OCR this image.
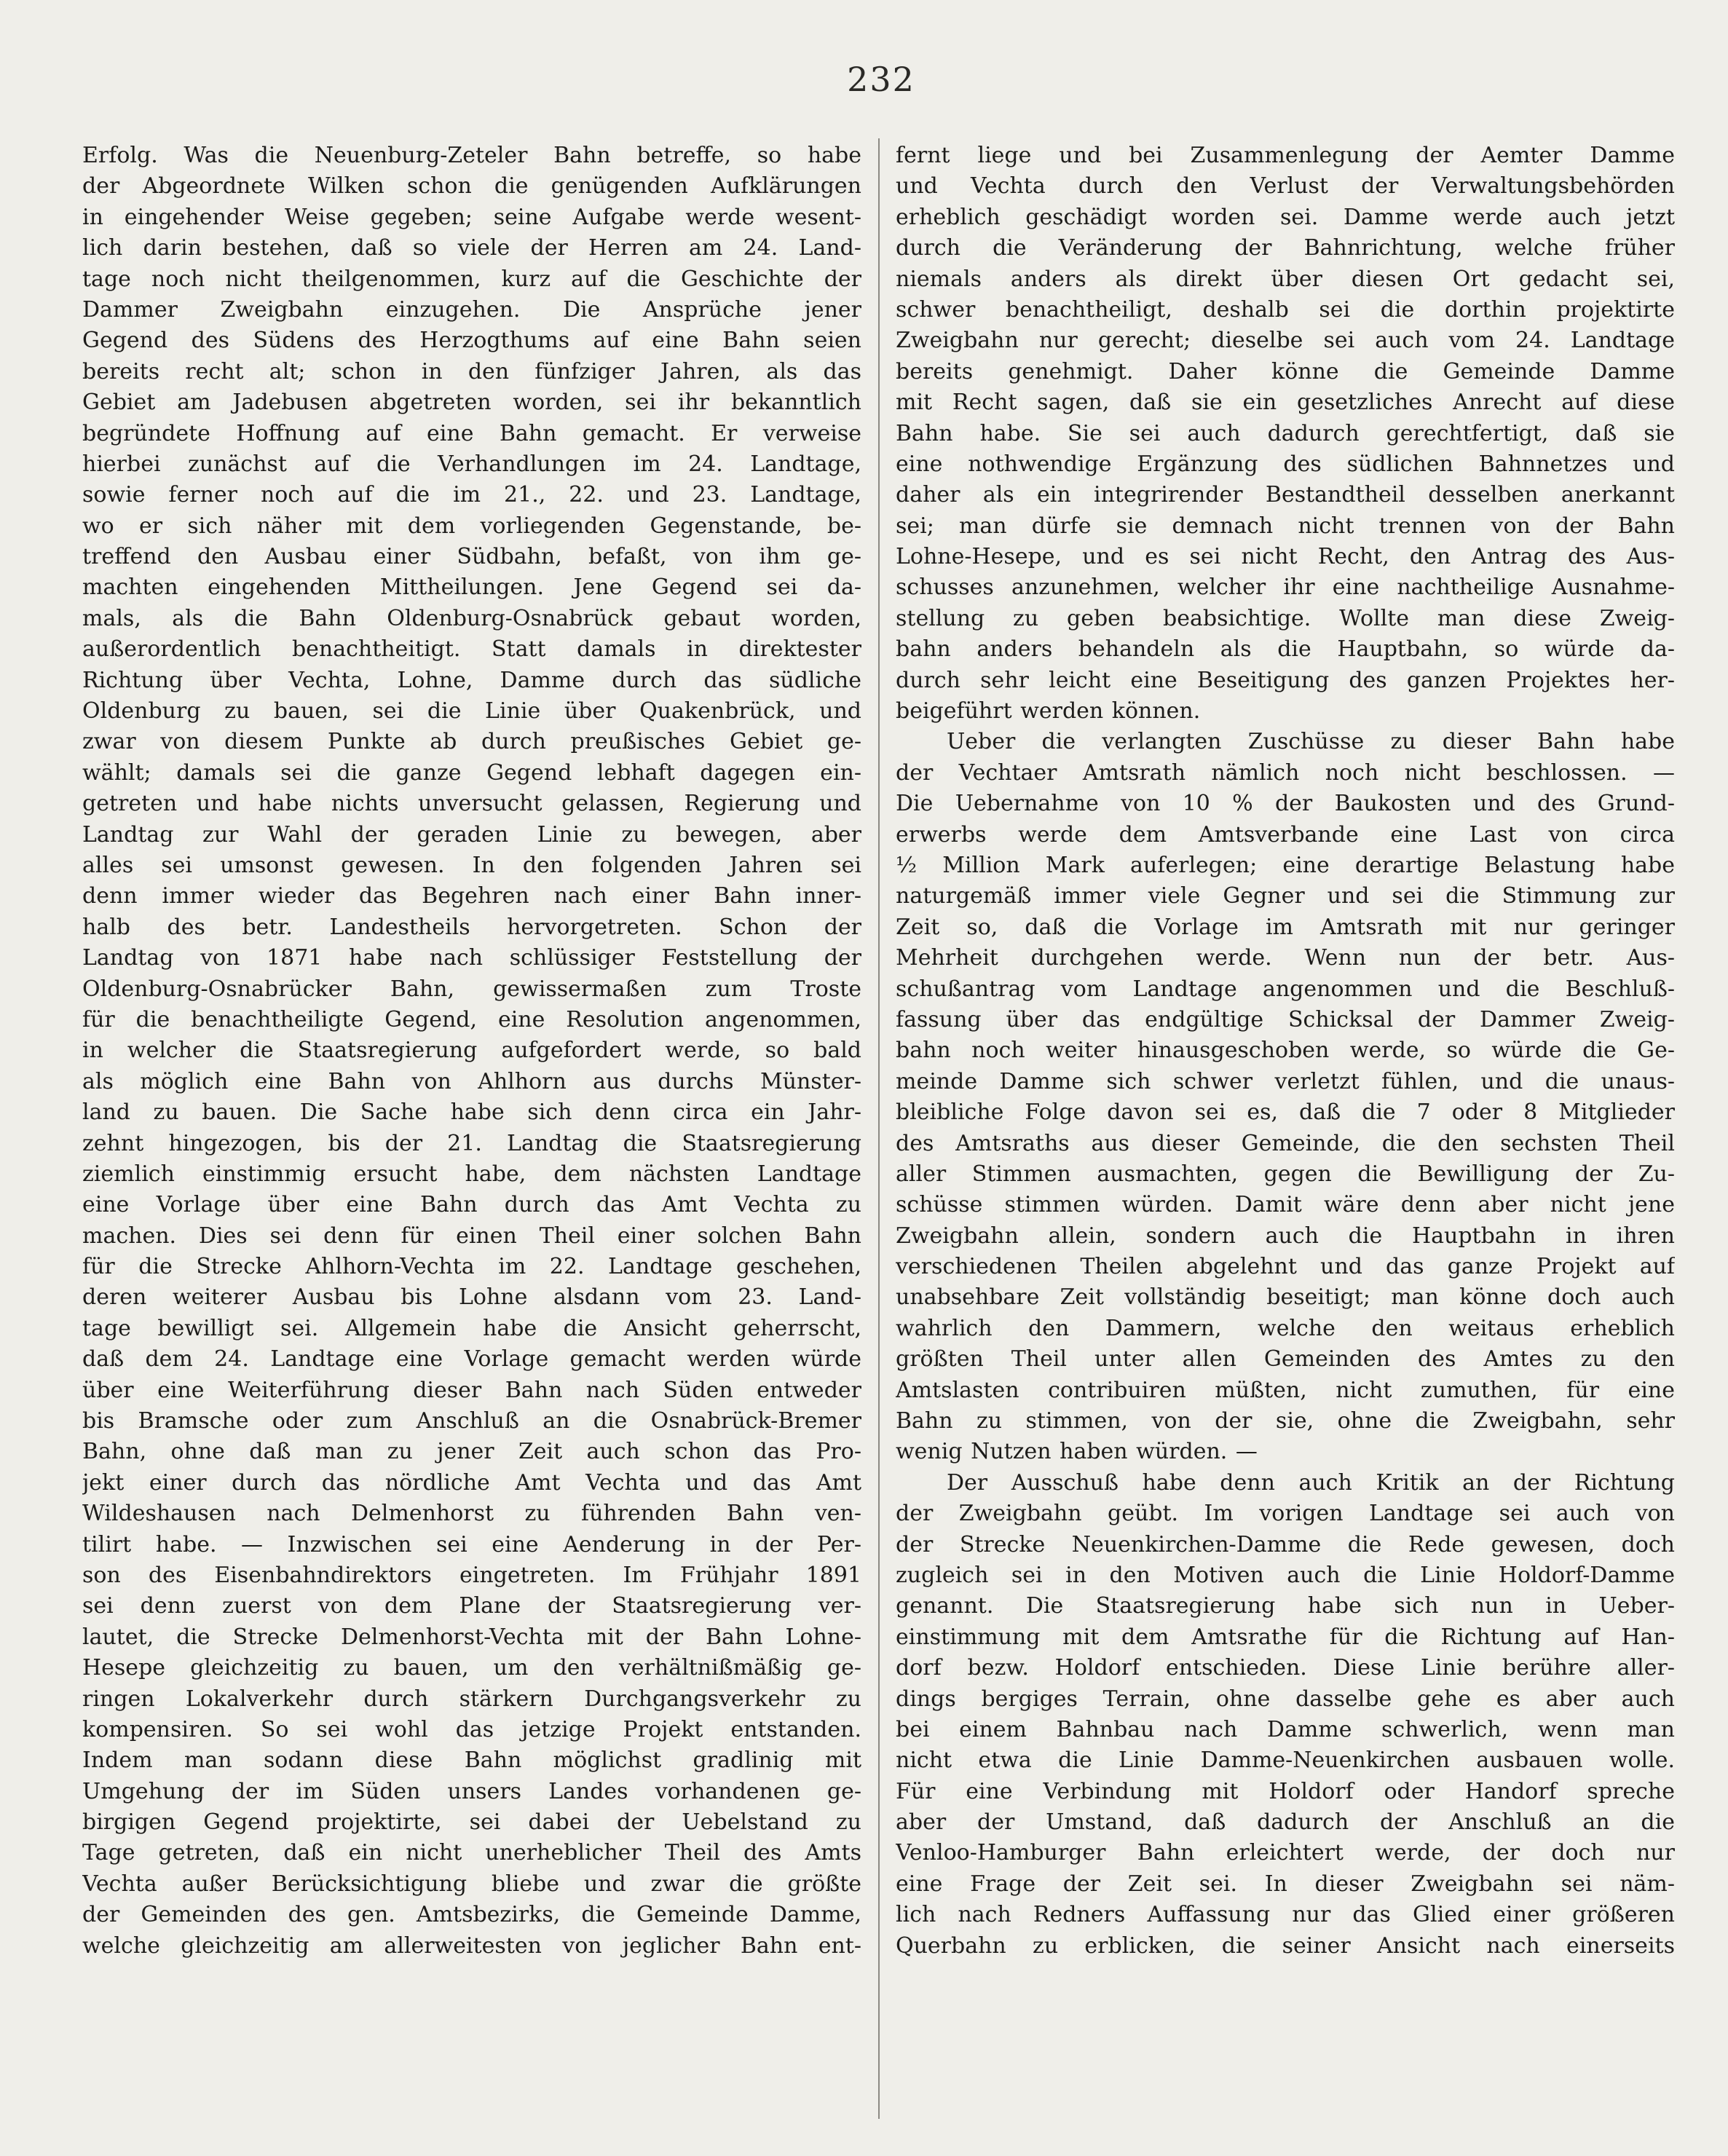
232
Erfolg. Was die Neuenburg-Zeteler Bahn betreffe, so habe
der Abgeordnete Wilken schon die genügenden Aufklärungen
in eingehender Weise gegeben; seine Aufgabe werde wesent-
lich darin bestehen, daß so viele der Herren am 24. Land-
tage noch nicht theilgenommen, kurz auf die Geschichte der
Dammer Zweigbahn einzugehen. Die Ansprüche jener
Gegend des Südens des Herzogthums auf eine Bahn seien
bereits recht alt; schon in den fünfziger Jahren, als das
Gebiet am Jadebusen abgetreten worden, sei ihr bekanntlich
begründete Hoffnung auf eine Bahn gemacht. Er verweise
hierbei zunächst auf die Verhandlungen im 24. Landtage,
sowie ferner noch auf die im 21., 22. und 23. Landtage,
wo er sich näher mit dem vorliegenden Gegenstande, be-
treffend den Ausbau einer Südbahn, befaßt, von ihm ge-
machten eingehenden Mittheilungen. Jene Gegend sei da-
mals, als die Bahn Oldenburg-Osnabrück gebaut worden,
außerordentlich benachtheitigt. Statt damals in direktester
Richtung über Vechta, Lohne, Damme durch das südliche
Oldenburg zu bauen, sei die Linie über Quakenbrück, und
zwar von diesem Punkte ab durch preußisches Gebiet ge-
wählt; damals sei die ganze Gegend lebhaft dagegen ein-
getreten und habe nichts unversucht gelassen, Regierung und
Landtag zur Wahl der geraden Linie zu bewegen, aber
alles sei umsonst gewesen. In den folgenden Jahren sei
denn immer wieder das Begehren nach einer Bahn inner-
halb des betr. Landestheils hervorgetreten. Schon der
Landtag von 1871 habe nach schlüssiger Feststellung der
Oldenburg-Osnabrücker Bahn, gewissermaßen zum Troste
für die benachtheiligte Gegend, eine Resolution angenommen,
in welcher die Staatsregierung aufgefordert werde, so bald
als möglich eine Bahn von Ahlhorn aus durchs Münster-
land zu bauen. Die Sache habe sich denn circa ein Jahr-
zehnt hingezogen, bis der 21. Landtag die Staatsregierung
ziemlich einstimmig ersucht habe, dem nächsten Landtage
eine Vorlage über eine Bahn durch das Amt Vechta zu
machen. Dies sei denn für einen Theil einer solchen Bahn
für die Strecke Ahlhorn-Vechta im 22. Landtage geschehen,
deren weiterer Ausbau bis Lohne alsdann vom 23. Land-
tage bewilligt sei. Allgemein habe die Ansicht geherrscht,
daß dem 24. Landtage eine Vorlage gemacht werden würde
über eine Weiterführung dieser Bahn nach Süden entweder
bis Bramsche oder zum Anschluß an die Osnabrück-Bremer
Bahn, ohne daß man zu jener Zeit auch schon das Pro-
jekt einer durch das nördliche Amt Vechta und das Amt
Wildeshausen nach Delmenhorst zu führenden Bahn ven-
tilirt habe. — Inzwischen sei eine Aenderung in der Per-
son des Eisenbahndirektors eingetreten. Im Frühjahr 1891
sei denn zuerst von dem Plane der Staatsregierung ver-
lautet, die Strecke Delmenhorst-Vechta mit der Bahn Lohne-
Hesepe gleichzeitig zu bauen, um den verhältnißmäßig ge-
ringen Lokalverkehr durch stärkern Durchgangsverkehr zu
kompensiren. So sei wohl das jetzige Projekt entstanden.
Indem man sodann diese Bahn möglichst gradlinig mit
Umgehung der im Süden unsers Landes vorhandenen ge-
birgigen Gegend projektirte, sei dabei der Uebelstand zu
Tage getreten, daß ein nicht unerheblicher Theil des Amts
Vechta außer Berücksichtigung bliebe und zwar die größte
der Gemeinden des gen. Amtsbezirks, die Gemeinde Damme,
welche gleichzeitig am allerweitesten von jeglicher Bahn ent-
fernt liege und bei Zusammenlegung der Aemter Damme
und Vechta durch den Verlust der Verwaltungsbehörden
erheblich geschädigt worden sei. Damme werde auch jetzt
durch die Veränderung der Bahnrichtung, welche früher
niemals anders als direkt über diesen Ort gedacht sei,
schwer benachtheiligt, deshalb sei die dorthin projektirte
Zweigbahn nur gerecht; dieselbe sei auch vom 24. Landtage
bereits genehmigt. Daher könne die Gemeinde Damme
mit Recht sagen, daß sie ein gesetzliches Anrecht auf diese
Bahn habe. Sie sei auch dadurch gerechtfertigt, daß sie
eine nothwendige Ergänzung des südlichen Bahnnetzes und
daher als ein integrirender Bestandtheil desselben anerkannt
sei; man dürfe sie demnach nicht trennen von der Bahn
Lohne-Hesepe, und es sei nicht Recht, den Antrag des Aus-
schusses anzunehmen, welcher ihr eine nachtheilige Ausnahme-
stellung zu geben beabsichtige. Wollte man diese Zweig-
bahn anders behandeln als die Hauptbahn, so würde da-
durch sehr leicht eine Beseitigung des ganzen Projektes her-
beigeführt werden können.
Ueber die verlangten Zuschüsse zu dieser Bahn habe
der Vechtaer Amtsrath nämlich noch nicht beschlossen. —
Die Uebernahme von 10 % der Baukosten und des Grund-
erwerbs werde dem Amtsverbande eine Last von circa
½ Million Mark auferlegen; eine derartige Belastung habe
naturgemäß immer viele Gegner und sei die Stimmung zur
Zeit so, daß die Vorlage im Amtsrath mit nur geringer
Mehrheit durchgehen werde. Wenn nun der betr. Aus-
schußantrag vom Landtage angenommen und die Beschluß-
fassung über das endgültige Schicksal der Dammer Zweig-
bahn noch weiter hinausgeschoben werde, so würde die Ge-
meinde Damme sich schwer verletzt fühlen, und die unaus-
bleibliche Folge davon sei es, daß die 7 oder 8 Mitglieder
des Amtsraths aus dieser Gemeinde, die den sechsten Theil
aller Stimmen ausmachten, gegen die Bewilligung der Zu-
schüsse stimmen würden. Damit wäre denn aber nicht jene
Zweigbahn allein, sondern auch die Hauptbahn in ihren
verschiedenen Theilen abgelehnt und das ganze Projekt auf
unabsehbare Zeit vollständig beseitigt; man könne doch auch
wahrlich den Dammern, welche den weitaus erheblich
größten Theil unter allen Gemeinden des Amtes zu den
Amtslasten contribuiren müßten, nicht zumuthen, für eine
Bahn zu stimmen, von der sie, ohne die Zweigbahn, sehr
wenig Nutzen haben würden. —
Der Ausschuß habe denn auch Kritik an der Richtung
der Zweigbahn geübt. Im vorigen Landtage sei auch von
der Strecke Neuenkirchen-Damme die Rede gewesen, doch
zugleich sei in den Motiven auch die Linie Holdorf-Damme
genannt. Die Staatsregierung habe sich nun in Ueber-
einstimmung mit dem Amtsrathe für die Richtung auf Han-
dorf bezw. Holdorf entschieden. Diese Linie berühre aller-
dings bergiges Terrain, ohne dasselbe gehe es aber auch
bei einem Bahnbau nach Damme schwerlich, wenn man
nicht etwa die Linie Damme-Neuenkirchen ausbauen wolle.
Für eine Verbindung mit Holdorf oder Handorf spreche
aber der Umstand, daß dadurch der Anschluß an die
Venloo-Hamburger Bahn erleichtert werde, der doch nur
eine Frage der Zeit sei. In dieser Zweigbahn sei näm-
lich nach Redners Auffassung nur das Glied einer größeren
Querbahn zu erblicken, die seiner Ansicht nach einerseits
